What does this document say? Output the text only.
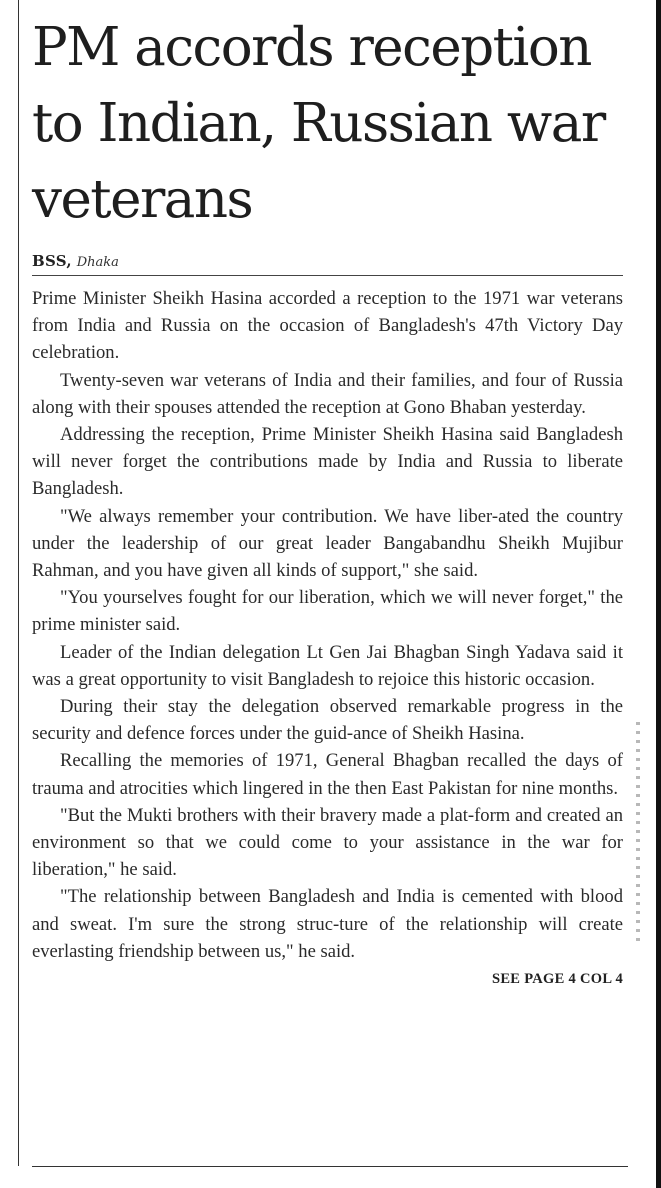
PM accords reception to Indian, Russian war veterans
BSS, Dhaka

Prime Minister Sheikh Hasina accorded a reception to the 1971 war veterans from India and Russia on the occasion of Bangladesh's 47th Victory Day celebration.

Twenty-seven war veterans of India and their families, and four of Russia along with their spouses attended the reception at Gono Bhaban yesterday.

Addressing the reception, Prime Minister Sheikh Hasina said Bangladesh will never forget the contributions made by India and Russia to liberate Bangladesh.

"We always remember your contribution. We have liber-ated the country under the leadership of our great leader Bangabandhu Sheikh Mujibur Rahman, and you have given all kinds of support," she said.

"You yourselves fought for our liberation, which we will never forget," the prime minister said.

Leader of the Indian delegation Lt Gen Jai Bhagban Singh Yadava said it was a great opportunity to visit Bangladesh to rejoice this historic occasion.

During their stay the delegation observed remarkable progress in the security and defence forces under the guid-ance of Sheikh Hasina.

Recalling the memories of 1971, General Bhagban recalled the days of trauma and atrocities which lingered in the then East Pakistan for nine months.

"But the Mukti brothers with their bravery made a plat-form and created an environment so that we could come to your assistance in the war for liberation," he said.

"The relationship between Bangladesh and India is cemented with blood and sweat. I'm sure the strong struc-ture of the relationship will create everlasting friendship between us," he said.

SEE PAGE 4 COL 4
